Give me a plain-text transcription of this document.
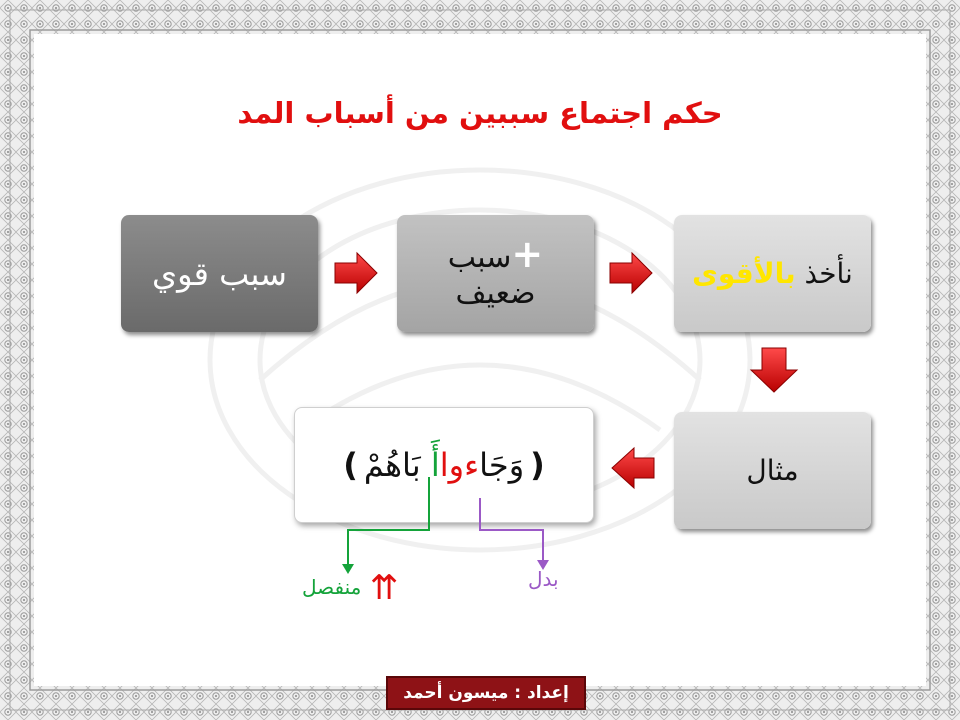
حكم اجتماع سببين من أسباب المد
سبب قوي	+سبب
ضعيف
نأخذ بالأقوى
مثال
(وَجَاءواأَ بَاهُمْ)
منفصل ⇈	بدل
إعداد : ميسون أحمد
